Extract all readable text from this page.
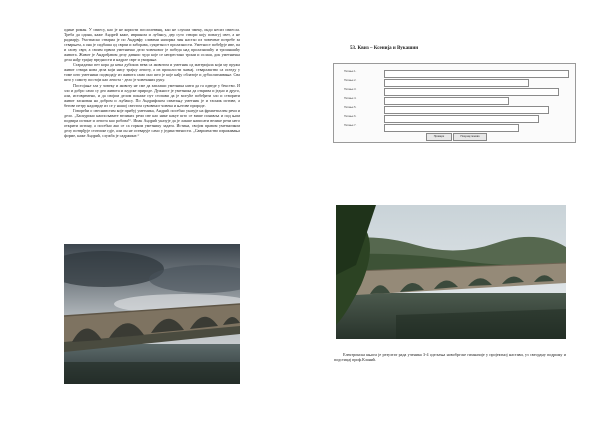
одине роман. У свиесу, као је не користи послолеввнц, као не слушаз чмеку, ондо несиз свиесла. Треба да одина, каже Андрей каже, ивршном и лубаксу, дер суто створи коју повагуј свет, а не радиарју. Умстиаско ствариа је по Андрвфу сливени напорма чин настао из човечене потребе за стварњем, а она је сидбаша од сврпи и заборава, сукретност пролазности. Уметност побеђује иве, па и сасву сврт, а своим првом уметничко дело човековог је победа над пролазношћу и трошнашћу живота. Живот је Андређавом делу давнио чудо које се непрестано трони и ослаш, док уметничка дела нађу трајну вредности и надрле сврт и умирање.

Старадачко пет кора да нека дубоких вева са животом и уметник од материјала који му пружа живот ствара нова дела који нису трајну лепоту, а из прошлости значај. стварлаштво са огледу у томе што уметники подводају из живота само оно што је које нађу облатоје и дубаслигнивање. Сва што у самоту постоји као лепота - дело је човечаних руку.

Постојање зла у човеку и животу не сме да заплаши уметника нити да га одведе у бекство. И зло и добро само су део живота и људске природе. Дужност је уметника да открива и једно и друго, али, истовремено, и да својим делом покаже пут стопави да је могуће побеђити зло и створити живот заснован на добром и љубаксу. По Андрифском схватању уметник је и тасник истиве, а бегове петру надоврде из се у нашој свестом сувовеног човека и његове природе.

Говорећи о свеснивстим које прибуј уметника, Андрић посебно указује на фрмаетиллен речи и дело. „Баскурино наопољавате великих речи све као нике какуе што се више понавља и под њим подвира истине и лепота као робова!“. Ипак Андрић указује да је лакше написати велике речи него открити истину, а посебно ако се са горком уметнику задата. Истина, својом правом уметничком делу потврђује стотиске гдје, али он не остварује само у јединствености. „Савршенство изражавања форме, каже Андрић, служба је садржине.“

53. Квиз – Ксенија и Вукашин
Питање 1.
Питање 2.
Питање 3.
Питање 4.
Питање 5.
Питање 6.
Питање 7.
Провери	Покушај поново

Електронска књига је резултат рада ученика 3-4 одељења новобргске гимназије у пројектној настави, уз свесрдну подршку и подстицај проф.Кланић.
